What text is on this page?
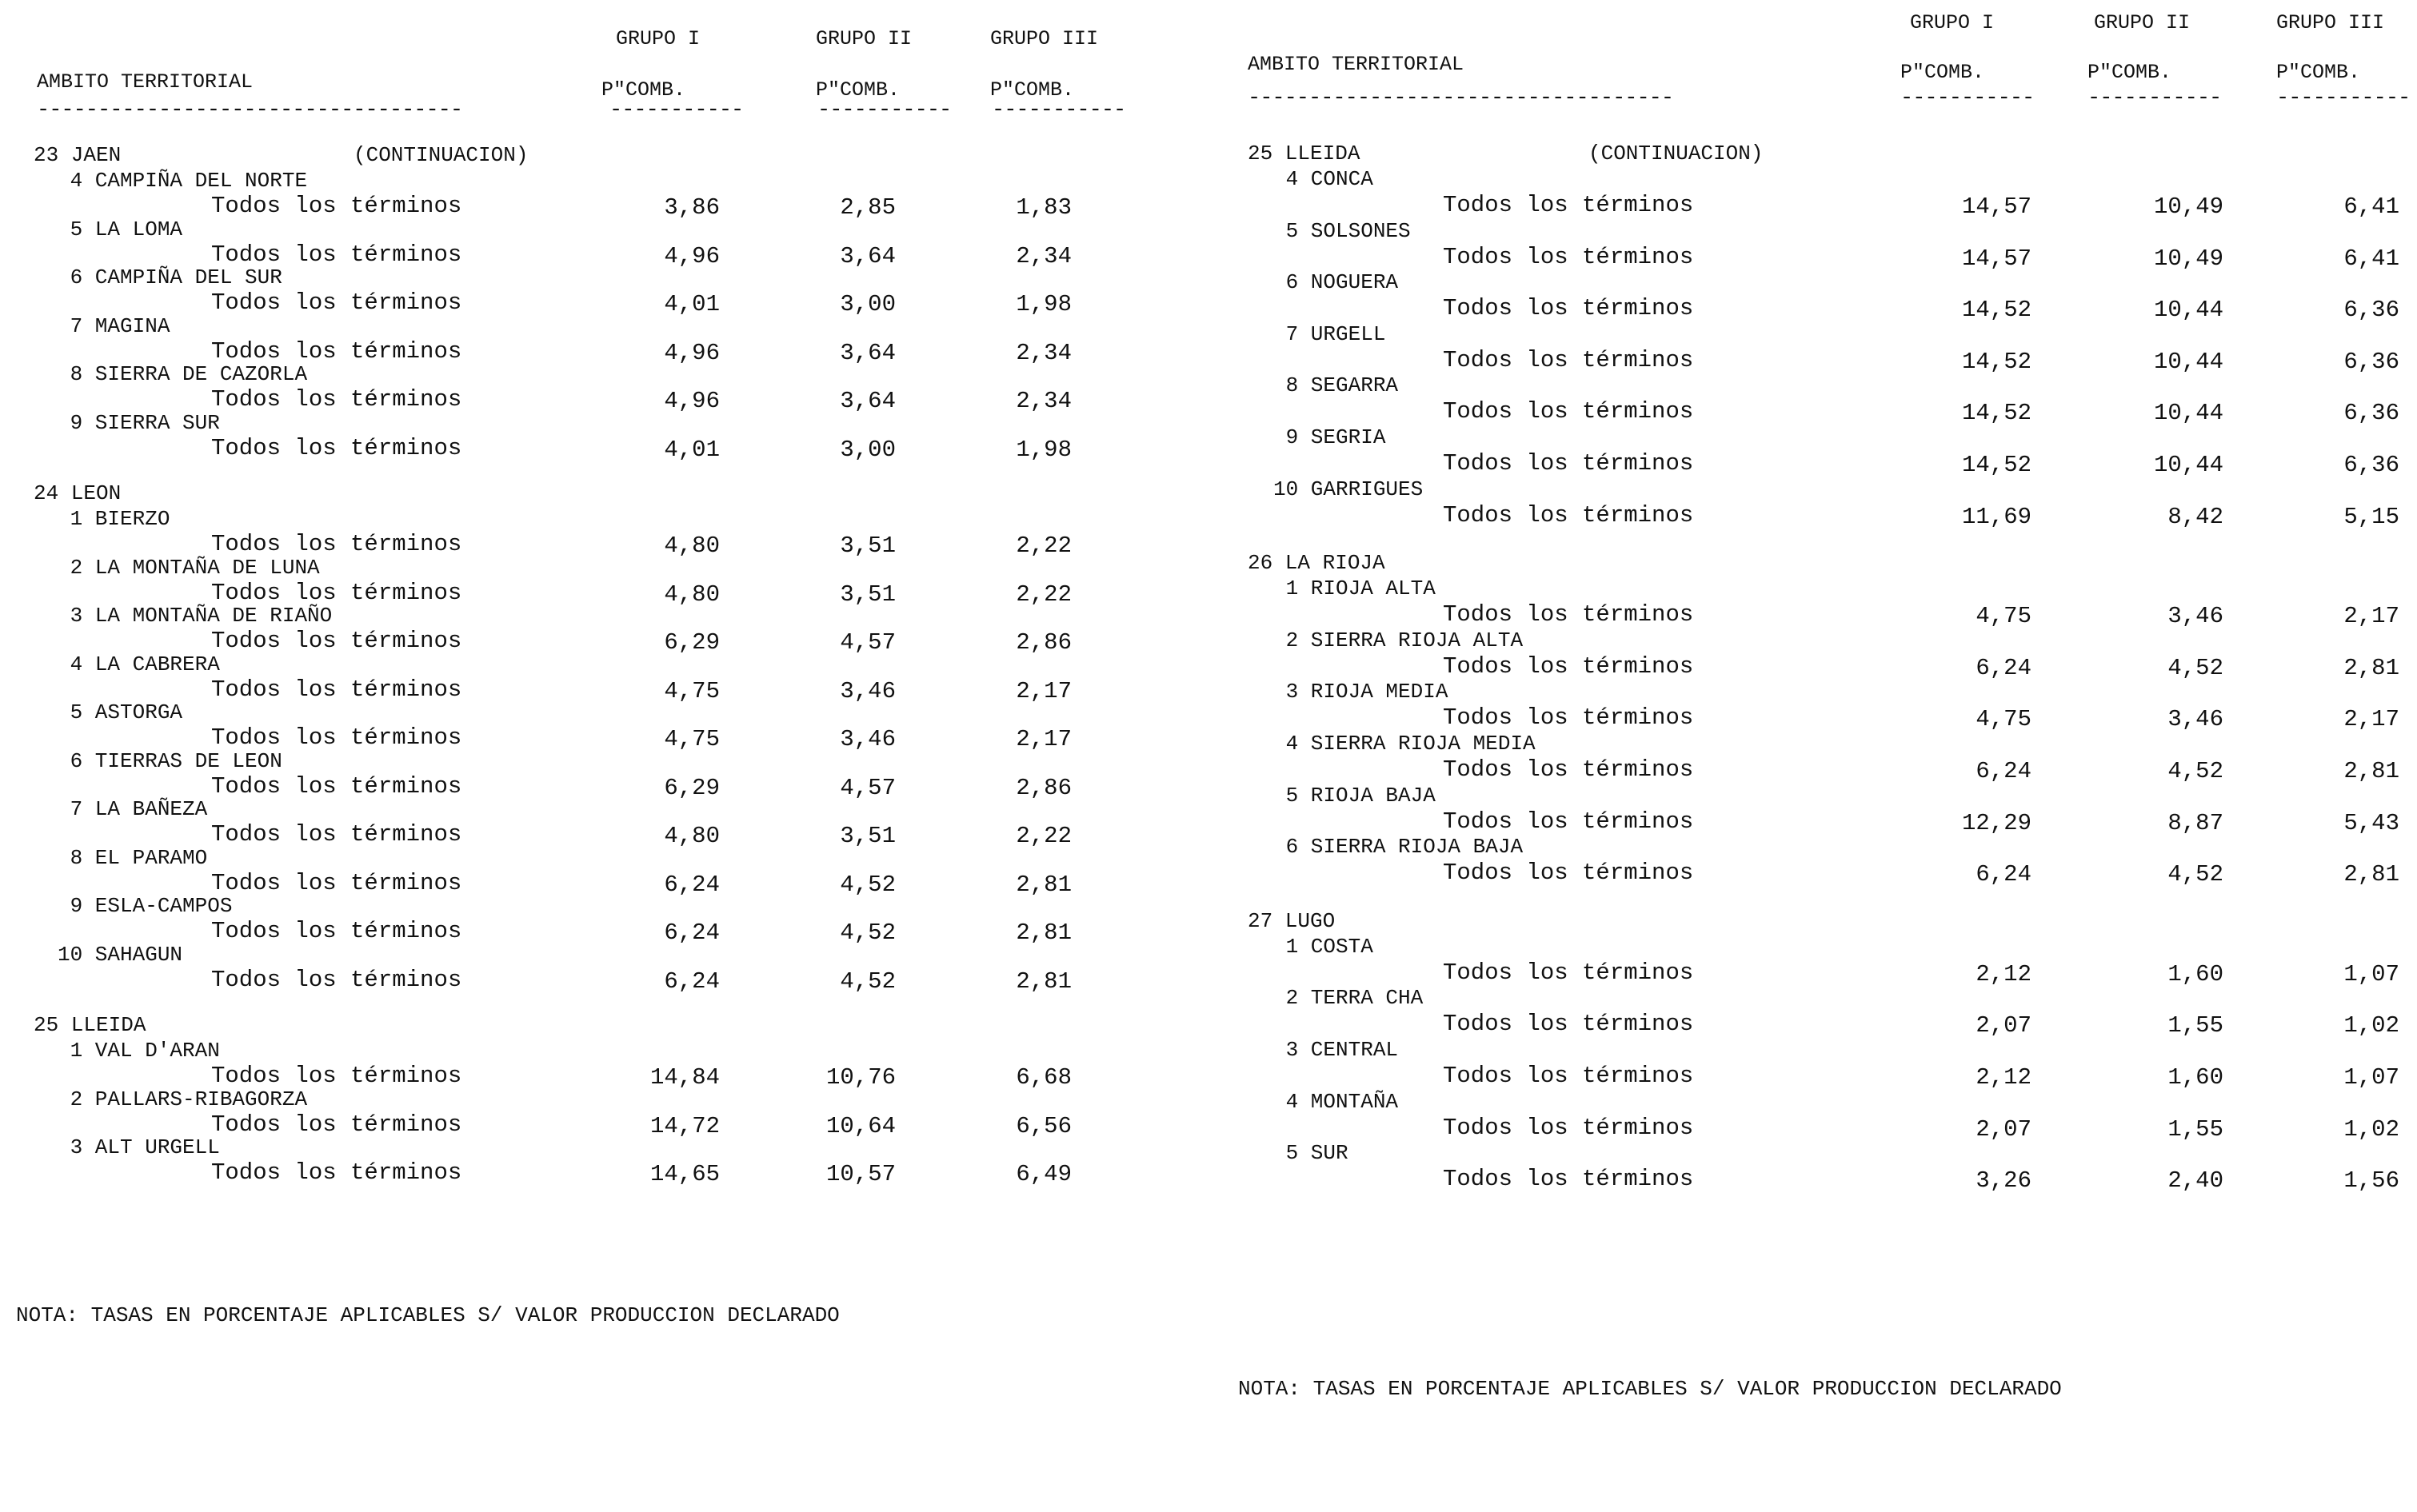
AMBITO TERRITORIAL
-----------------------------------
GRUPO I
P"COMB.
-----------
GRUPO II
P"COMB.
-----------
GRUPO III
P"COMB.
-----------
23 JAEN	(CONTINUACION)
4 CAMPIÑA DEL NORTE
Todos los términos	3,86	2,85	1,83
5 LA LOMA
Todos los términos	4,96	3,64	2,34
6 CAMPIÑA DEL SUR
Todos los términos	4,01	3,00	1,98
7 MAGINA
Todos los términos	4,96	3,64	2,34
8 SIERRA DE CAZORLA
Todos los términos	4,96	3,64	2,34
9 SIERRA SUR
Todos los términos	4,01	3,00	1,98
24 LEON
1 BIERZO
Todos los términos	4,80	3,51	2,22
2 LA MONTAÑA DE LUNA
Todos los términos	4,80	3,51	2,22
3 LA MONTAÑA DE RIAÑO
Todos los términos	6,29	4,57	2,86
4 LA CABRERA
Todos los términos	4,75	3,46	2,17
5 ASTORGA
Todos los términos	4,75	3,46	2,17
6 TIERRAS DE LEON
Todos los términos	6,29	4,57	2,86
7 LA BAÑEZA
Todos los términos	4,80	3,51	2,22
8 EL PARAMO
Todos los términos	6,24	4,52	2,81
9 ESLA-CAMPOS
Todos los términos	6,24	4,52	2,81
10 SAHAGUN
Todos los términos	6,24	4,52	2,81
25 LLEIDA
1 VAL D'ARAN
Todos los términos	14,84	10,76	6,68
2 PALLARS-RIBAGORZA
Todos los términos	14,72	10,64	6,56
3 ALT URGELL
Todos los términos	14,65	10,57	6,49
NOTA: TASAS EN PORCENTAJE APLICABLES S/ VALOR PRODUCCION DECLARADO
AMBITO TERRITORIAL
-----------------------------------
GRUPO I
P"COMB.
-----------
GRUPO II
P"COMB.
-----------
GRUPO III
P"COMB.
-----------
25 LLEIDA	(CONTINUACION)
4 CONCA
Todos los términos	14,57	10,49	6,41
5 SOLSONES
Todos los términos	14,57	10,49	6,41
6 NOGUERA
Todos los términos	14,52	10,44	6,36
7 URGELL
Todos los términos	14,52	10,44	6,36
8 SEGARRA
Todos los términos	14,52	10,44	6,36
9 SEGRIA
Todos los términos	14,52	10,44	6,36
10 GARRIGUES
Todos los términos	11,69	8,42	5,15
26 LA RIOJA
1 RIOJA ALTA
Todos los términos	4,75	3,46	2,17
2 SIERRA RIOJA ALTA
Todos los términos	6,24	4,52	2,81
3 RIOJA MEDIA
Todos los términos	4,75	3,46	2,17
4 SIERRA RIOJA MEDIA
Todos los términos	6,24	4,52	2,81
5 RIOJA BAJA
Todos los términos	12,29	8,87	5,43
6 SIERRA RIOJA BAJA
Todos los términos	6,24	4,52	2,81
27 LUGO
1 COSTA
Todos los términos	2,12	1,60	1,07
2 TERRA CHA
Todos los términos	2,07	1,55	1,02
3 CENTRAL
Todos los términos	2,12	1,60	1,07
4 MONTAÑA
Todos los términos	2,07	1,55	1,02
5 SUR
Todos los términos	3,26	2,40	1,56
NOTA: TASAS EN PORCENTAJE APLICABLES S/ VALOR PRODUCCION DECLARADO
